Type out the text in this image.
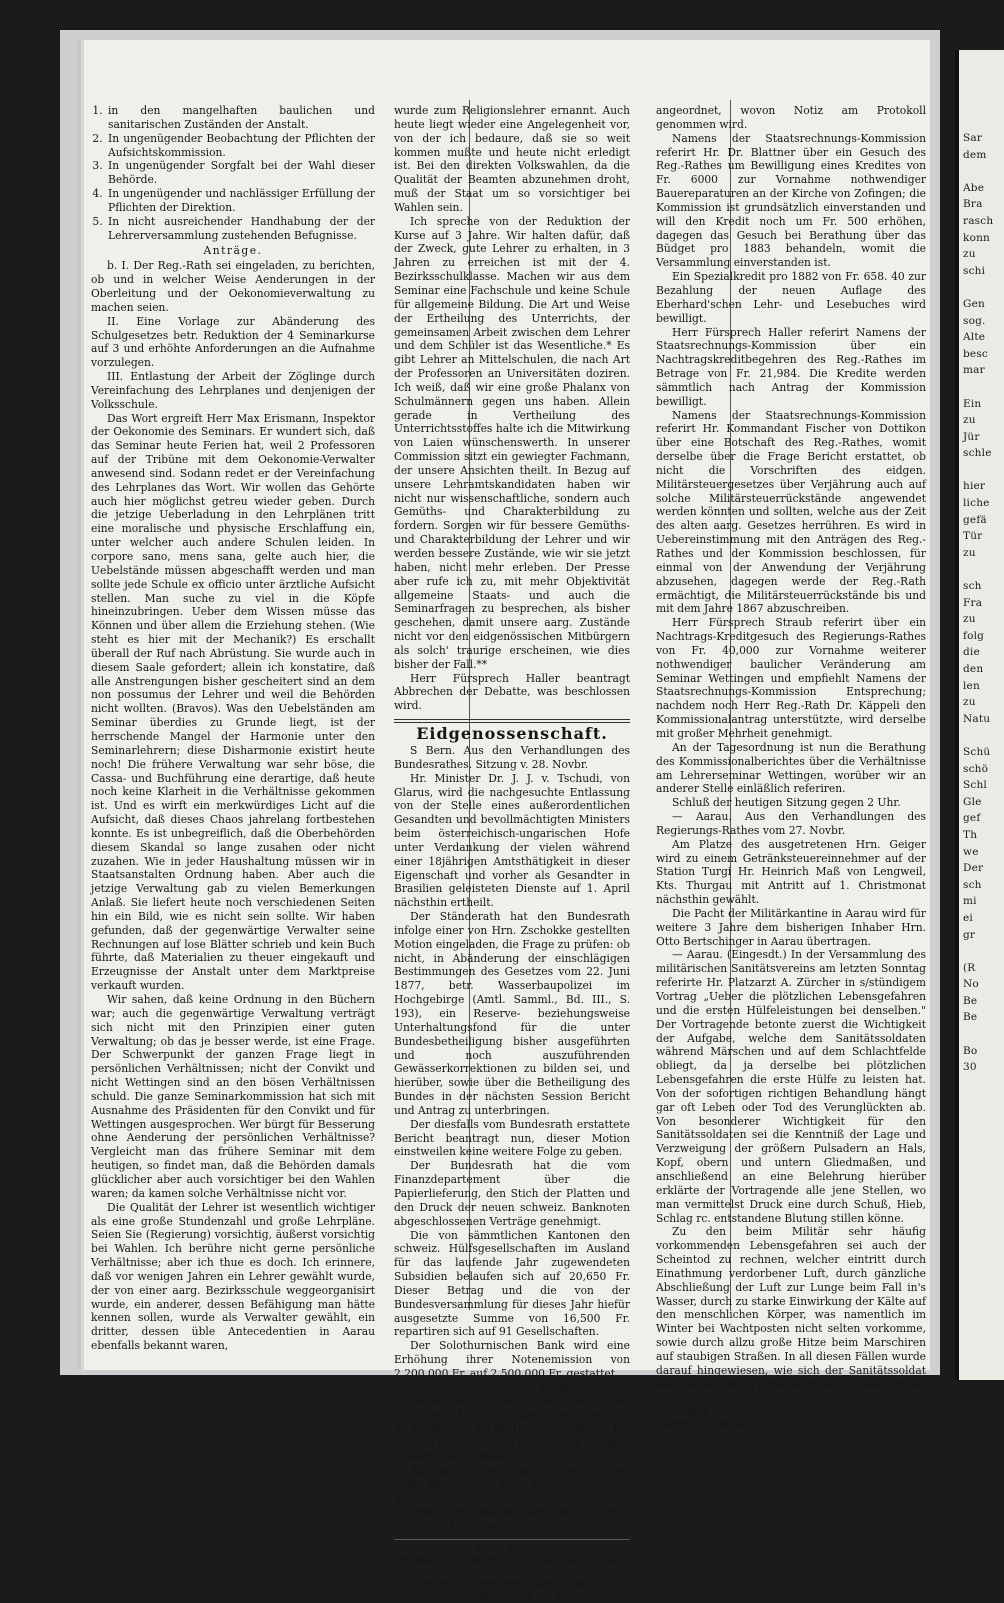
1. in den mangelhaften baulichen und sanitarischen Zuständen der Anstalt.
2. In ungenügender Beobachtung der Pflichten der Aufsichtskommission.
3. In ungenügender Sorgfalt bei der Wahl dieser Behörde.
4. In ungenügender und nachlässiger Erfüllung der Pflichten der Direktion.
5. In nicht ausreichender Handhabung der der Lehrerversammlung zustehenden Befugnisse.
Anträge.

b. I. Der Reg.-Rath sei eingeladen, zu berichten, ob und in welcher Weise Aenderungen in der Oberleitung und der Oekonomieverwaltung zu machen seien.

II. Eine Vorlage zur Abänderung des Schulgesetzes betr. Reduktion der 4 Seminarkurse auf 3 und erhöhte Anforderungen an die Aufnahme vorzulegen.

III. Entlastung der Arbeit der Zöglinge durch Vereinfachung des Lehrplanes und denjenigen der Volksschule.

Das Wort ergreift Herr Max Erismann, Inspektor der Oekonomie des Seminars. Er wundert sich, daß das Seminar heute Ferien hat, weil 2 Professoren auf der Tribüne mit dem Oekonomie-Verwalter anwesend sind. Sodann redet er der Vereinfachung des Lehrplanes das Wort. Wir wollen das Gehörte auch hier möglichst getreu wieder geben. Durch die jetzige Ueberladung in den Lehrplänen tritt eine moralische und physische Erschlaffung ein, unter welcher auch andere Schulen leiden. In corpore sano, mens sana, gelte auch hier, die Uebelstände müssen abgeschafft werden und man sollte jede Schule ex officio unter ärztliche Aufsicht stellen. Man suche zu viel in die Köpfe hineinzubringen. Ueber dem Wissen müsse das Können und über allem die Erziehung stehen. (Wie steht es hier mit der Mechanik?) Es erschallt überall der Ruf nach Abrüstung. Sie wurde auch in diesem Saale gefordert; allein ich konstatire, daß alle Anstrengungen bisher gescheitert sind an dem non possumus der Lehrer und weil die Behörden nicht wollten. (Bravos). Was den Uebelständen am Seminar überdies zu Grunde liegt, ist der herrschende Mangel der Harmonie unter den Seminarlehrern; diese Disharmonie existirt heute noch! Die frühere Verwaltung war sehr böse, die Cassa- und Buchführung eine derartige, daß heute noch keine Klarheit in die Verhältnisse gekommen ist. Und es wirft ein merkwürdiges Licht auf die Aufsicht, daß dieses Chaos jahrelang fortbestehen konnte. Es ist unbegreiflich, daß die Oberbehörden diesem Skandal so lange zusahen oder nicht zuzahen. Wie in jeder Haushaltung müssen wir in Staatsanstalten Ordnung haben. Aber auch die jetzige Verwaltung gab zu vielen Bemerkungen Anlaß. Sie liefert heute noch verschiedenen Seiten hin ein Bild, wie es nicht sein sollte. Wir haben gefunden, daß der gegenwärtige Verwalter seine Rechnungen auf lose Blätter schrieb und kein Buch führte, daß Materialien zu theuer eingekauft und Erzeugnisse der Anstalt unter dem Marktpreise verkauft wurden.

Wir sahen, daß keine Ordnung in den Büchern war; auch die gegenwärtige Verwaltung verträgt sich nicht mit den Prinzipien einer guten Verwaltung; ob das je besser werde, ist eine Frage. Der Schwerpunkt der ganzen Frage liegt in persönlichen Verhältnissen; nicht der Convikt und nicht Wettingen sind an den bösen Verhältnissen schuld. Die ganze Seminarkommission hat sich mit Ausnahme des Präsidenten für den Convikt und für Wettingen ausgesprochen. Wer bürgt für Besserung ohne Aenderung der persönlichen Verhältnisse? Vergleicht man das frühere Seminar mit dem heutigen, so findet man, daß die Behörden damals glücklicher aber auch vorsichtiger bei den Wahlen waren; da kamen solche Verhältnisse nicht vor.

Die Qualität der Lehrer ist wesentlich wichtiger als eine große Stundenzahl und große Lehrpläne. Seien Sie (Regierung) vorsichtig, äußerst vorsichtig bei Wahlen. Ich berühre nicht gerne persönliche Verhältnisse; aber ich thue es doch. Ich erinnere, daß vor wenigen Jahren ein Lehrer gewählt wurde, der von einer aarg. Bezirksschule weggeorganisirt wurde, ein anderer, dessen Befähigung man hätte kennen sollen, wurde als Verwalter gewählt, ein dritter, dessen üble Antecedentien in Aarau ebenfalls bekannt waren,

wurde zum Religionslehrer ernannt. Auch heute liegt wieder eine Angelegenheit vor, von der ich bedaure, daß sie so weit kommen mußte und heute nicht erledigt ist. Bei den direkten Volkswahlen, da die Qualität der Beamten abzunehmen droht, muß der Staat um so vorsichtiger bei Wahlen sein.

Ich spreche von der Reduktion der Kurse auf 3 Jahre. Wir halten dafür, daß der Zweck, gute Lehrer zu erhalten, in 3 Jahren zu erreichen ist mit der 4. Bezirksschulklasse. Machen wir aus dem Seminar eine Fachschule und keine Schule für allgemeine Bildung. Die Art und Weise der Ertheilung des Unterrichts, der gemeinsamen Arbeit zwischen dem Lehrer und dem Schüler ist das Wesentliche.* Es gibt Lehrer an Mittelschulen, die nach Art der Professoren an Universitäten doziren. Ich weiß, daß wir eine große Phalanx von Schulmännern gegen uns haben. Allein gerade in Vertheilung des Unterrichtsstoffes halte ich die Mitwirkung von Laien wünschenswerth. In unserer Commission sitzt ein gewiegter Fachmann, der unsere Ansichten theilt. In Bezug auf unsere Lehramtskandidaten haben wir nicht nur wissenschaftliche, sondern auch Gemüths- und Charakterbildung zu fordern. Sorgen wir für bessere Gemüths- und Charakterbildung der Lehrer und wir werden bessere Zustände, wie wir sie jetzt haben, nicht mehr erleben. Der Presse aber rufe ich zu, mit mehr Objektivität allgemeine Staats- und auch die Seminarfragen zu besprechen, als bisher geschehen, damit unsere aarg. Zustände nicht vor den eidgenössischen Mitbürgern als solch' traurige erscheinen, wie dies bisher der Fall.**

Herr Fürsprech Haller beantragt Abbrechen der Debatte, was beschlossen wird.

Eidgenossenschaft.

S Bern. Aus den Verhandlungen des Bundesrathes. Sitzung v. 28. Novbr.

Hr. Minister Dr. J. J. v. Tschudi, von Glarus, wird die nachgesuchte Entlassung von der Stelle eines außerordentlichen Gesandten und bevollmächtigten Ministers beim österreichisch-ungarischen Hofe unter Verdankung der vielen während einer 18jährigen Amtsthätigkeit in dieser Eigenschaft und vorher als Gesandter in Brasilien geleisteten Dienste auf 1. April nächsthin ertheilt.

Der Ständerath hat den Bundesrath infolge einer von Hrn. Zschokke gestellten Motion eingeladen, die Frage zu prüfen: ob nicht, in Abänderung der einschlägigen Bestimmungen des Gesetzes vom 22. Juni 1877, betr. Wasserbaupolizei im Hochgebirge (Amtl. Samml., Bd. III., S. 193), ein Reserve- beziehungsweise Unterhaltungsfond für die unter Bundesbetheiligung bisher ausgeführten und noch auszuführenden Gewässerkorrektionen zu bilden sei, und hierüber, sowie über die Betheiligung des Bundes in der nächsten Session Bericht und Antrag zu unterbringen.

Der diesfalls vom Bundesrath erstattete Bericht beantragt nun, dieser Motion einstweilen keine weitere Folge zu geben.

Der Bundesrath hat die vom Finanzdepartement über die Papierlieferung, den Stich der Platten und den Druck der neuen schweiz. Banknoten abgeschlossenen Verträge genehmigt.

Die von sämmtlichen Kantonen den schweiz. Hülfsgesellschaften im Ausland für das laufende Jahr zugewendeten Subsidien belaufen sich auf 20,650 Fr. Dieser Betrag und die von der Bundesversammlung für dieses Jahr hiefür ausgesetzte Summe von 16,500 Fr. repartiren sich auf 91 Gesellschaften.

Der Solothurnischen Bank wird eine Erhöhung ihrer Notenemission von 2,200,000 Fr. auf 2,500,000 Fr. gestattet.

Als Posthalter und Telegraphist in Appenzell wird gewählt: Hr. Emil Giger von Stein, Kts. St. Gallen, Postkommis in St. Gallen und als Postkommis in Basel: Hr. Eduard Kottmann von Wyden, Kts. Aargau, Postaspirant in Basel.

Aargau. Sitzung des Großen Rathes vom 28. Novbr. Für den in Geldstag gefallenen Hr. Gottlieb Bonäsch, von Brittnau, Großrathsmitglied, hat der Reg.-Rath eine Ersatzwahl bereits

*) Sehr richtig; daher Respekt davor, wo diese Art beharrlich gefordert wird. Der Satz gilt auch für die Volksschule; überall, wo er verwirklicht wird, ist die "Buchsscheere" überflüssig.

**) Hier hätte ein Bravo auch gut gethan!

angeordnet, wovon Notiz am Protokoll genommen wird.

Namens der Staatsrechnungs-Kommission referirt Hr. Dr. Blattner über ein Gesuch des Reg.-Rathes um Bewilligung eines Kredites von Fr. 6000 zur Vornahme nothwendiger Bauereparaturen an der Kirche von Zofingen; die Kommission ist grundsätzlich einverstanden und will den Kredit noch um Fr. 500 erhöhen, dagegen das Gesuch bei Berathung über das Büdget pro 1883 behandeln, womit die Versammlung einverstanden ist.

Ein Spezialkredit pro 1882 von Fr. 658. 40 zur Bezahlung der neuen Auflage des Eberhard'schen Lehr- und Lesebuches wird bewilligt.

Herr Fürsprech Haller referirt Namens der Staatsrechnungs-Kommission über ein Nachtragskreditbegehren des Reg.-Rathes im Betrage von Fr. 21,984. Die Kredite werden sämmtlich nach Antrag der Kommission bewilligt.

Namens der Staatsrechnungs-Kommission referirt Hr. Kommandant Fischer von Dottikon über eine Botschaft des Reg.-Rathes, womit derselbe über die Frage Bericht erstattet, ob nicht die Vorschriften des eidgen. Militärsteuergesetzes über Verjährung auch auf solche Militärsteuerrückstände angewendet werden könnten und sollten, welche aus der Zeit des alten aarg. Gesetzes herrühren. Es wird in Uebereinstimmung mit den Anträgen des Reg.-Rathes und der Kommission beschlossen, für einmal von der Anwendung der Verjährung abzusehen, dagegen werde der Reg.-Rath ermächtigt, die Militärsteuerrückstände bis und mit dem Jahre 1867 abzuschreiben.

Herr Fürsprech Straub referirt über ein Nachtrags-Kreditgesuch des Regierungs-Rathes von Fr. 40,000 zur Vornahme weiterer nothwendiger baulicher Veränderung am Seminar Wettingen und empfiehlt Namens der Staatsrechnungs-Kommission Entsprechung; nachdem noch Herr Reg.-Rath Dr. Käppeli den Kommissionalantrag unterstützte, wird derselbe mit großer Mehrheit genehmigt.

An der Tagesordnung ist nun die Berathung des Kommissionalberichtes über die Verhältnisse am Lehrerseminar Wettingen, worüber wir an anderer Stelle einläßlich referiren.

Schluß der heutigen Sitzung gegen 2 Uhr.

— Aarau. Aus den Verhandlungen des Regierungs-Rathes vom 27. Novbr.

Am Platze des ausgetretenen Hrn. Geiger wird zu einem Getränksteuereinnehmer auf der Station Turgi Hr. Heinrich Maß von Lengweil, Kts. Thurgau mit Antritt auf 1. Christmonat nächsthin gewählt.

Die Pacht der Militärkantine in Aarau wird für weitere 3 Jahre dem bisherigen Inhaber Hrn. Otto Bertschinger in Aarau übertragen.

— Aarau. (Eingesdt.) In der Versammlung des militärischen Sanitätsvereins am letzten Sonntag referirte Hr. Platzarzt A. Zürcher in s/stündigem Vortrag „Ueber die plötzlichen Lebensgefahren und die ersten Hülfeleistungen bei denselben." Der Vortragende betonte zuerst die Wichtigkeit der Aufgabe, welche dem Sanitätssoldaten während Märschen und auf dem Schlachtfelde obliegt, da ja derselbe bei plötzlichen Lebensgefahren die erste Hülfe zu leisten hat. Von der sofortigen richtigen Behandlung hängt gar oft Leben oder Tod des Verunglückten ab. Von besonderer Wichtigkeit für den Sanitätssoldaten sei die Kenntniß der Lage und Verzweigung der größern Pulsadern an Hals, Kopf, obern und untern Gliedmaßen, und anschließend an eine Belehrung hierüber erklärte der Vortragende alle jene Stellen, wo man vermittelst Druck eine durch Schuß, Hieb, Schlag rc. entstandene Blutung stillen könne.

Zu den beim Militär sehr häufig vorkommenden Lebensgefahren sei auch der Scheintod zu rechnen, welcher eintritt durch Einathmung verdorbener Luft, durch gänzliche Abschließung der Luft zur Lunge beim Fall in's Wasser, durch zu starke Einwirkung der Kälte auf den menschlichen Körper, was namentlich im Winter bei Wachtposten nicht selten vorkomme, sowie durch allzu große Hitze beim Marschiren auf staubigen Straßen. In all diesen Fällen wurde darauf hingewiesen, wie sich der Sanitätssoldat beim Scheintoden gegenüber bis zur Ankunft des Arztes zu verhalten habe. Den Schluß des Vortrages bildete die erste Hülfe in Vergiftungsfällen.

Sar
dem

Abe
Bra
rasch
konn
zu
schi

Gen
sog.
Alte
besc
mar

Ein
zu
Jür
schle

hier
liche
gefä
Tür
zu

sch
Fra
zu
folg
die
den
len
zu
Natu

Schü
schö
Schl
Gle
gef
Th
we
Der
sch
mi
ei
gr

(R
No
Be
Be

Bo
30
